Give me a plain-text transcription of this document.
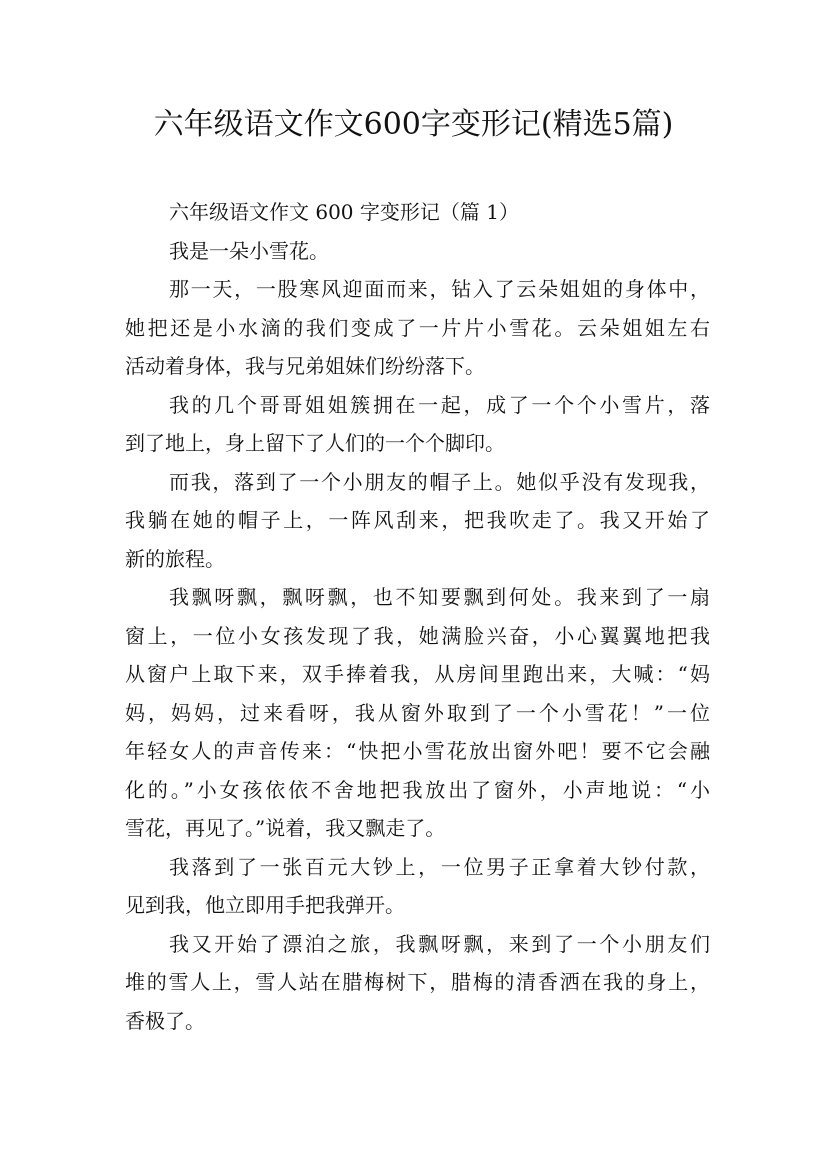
六年级语文作文600字变形记(精选5篇)
六年级语文作文 600 字变形记（篇 1）
我是一朵小雪花。
那一天，一股寒风迎面而来，钻入了云朵姐姐的身体中，
她把还是小水滴的我们变成了一片片小雪花。云朵姐姐左右
活动着身体，我与兄弟姐妹们纷纷落下。
我的几个哥哥姐姐簇拥在一起，成了一个个小雪片，落
到了地上，身上留下了人们的一个个脚印。
而我，落到了一个小朋友的帽子上。她似乎没有发现我，
我躺在她的帽子上，一阵风刮来，把我吹走了。我又开始了
新的旅程。
我飘呀飘，飘呀飘，也不知要飘到何处。我来到了一扇
窗上，一位小女孩发现了我，她满脸兴奋，小心翼翼地把我
从窗户上取下来，双手捧着我，从房间里跑出来，大喊：“妈
妈，妈妈，过来看呀，我从窗外取到了一个小雪花！”一位
年轻女人的声音传来：“快把小雪花放出窗外吧！要不它会融
化的。”小女孩依依不舍地把我放出了窗外，小声地说：“小
雪花，再见了。”说着，我又飘走了。
我落到了一张百元大钞上，一位男子正拿着大钞付款，
见到我，他立即用手把我弹开。
我又开始了漂泊之旅，我飘呀飘，来到了一个小朋友们
堆的雪人上，雪人站在腊梅树下，腊梅的清香洒在我的身上，
香极了。
